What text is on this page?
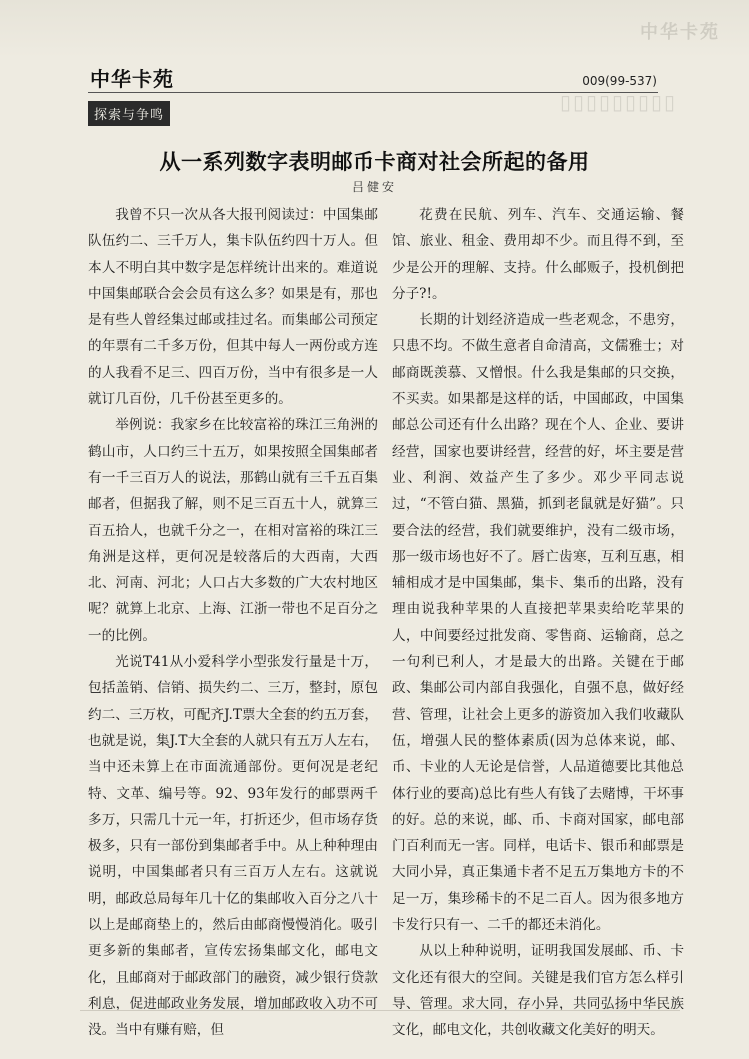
中华卡苑
▯▯▯▯▯▯▯▯▯
中华卡苑	009(99-537)
探索与争鸣
从一系列数字表明邮币卡商对社会所起的备用
吕健安

我曾不只一次从各大报刊阅读过：中国集邮队伍约二、三千万人，集卡队伍约四十万人。但本人不明白其中数字是怎样统计出来的。难道说中国集邮联合会会员有这么多？如果是有，那也是有些人曾经集过邮或挂过名。而集邮公司预定的年票有二千多万份，但其中每人一两份或方连的人我看不足三、四百万份，当中有很多是一人就订几百份，几千份甚至更多的。

举例说：我家乡在比较富裕的珠江三角洲的鹤山市，人口约三十五万，如果按照全国集邮者有一千三百万人的说法，那鹤山就有三千五百集邮者，但据我了解，则不足三百五十人，就算三百五拾人，也就千分之一，在相对富裕的珠江三角洲是这样，更何况是较落后的大西南，大西北、河南、河北；人口占大多数的广大农村地区呢？就算上北京、上海、江浙一带也不足百分之一的比例。

光说T41从小爱科学小型张发行量是十万，包括盖销、信销、损失约二、三万，整封，原包约二、三万枚，可配齐J.T票大全套的约五万套，也就是说，集J.T大全套的人就只有五万人左右，当中还未算上在市面流通部份。更何况是老纪特、文革、编号等。92、93年发行的邮票两千多万，只需几十元一年，打折还少，但市场存货极多，只有一部份到集邮者手中。从上种种理由说明，中国集邮者只有三百万人左右。这就说明，邮政总局每年几十亿的集邮收入百分之八十以上是邮商垫上的，然后由邮商慢慢消化。吸引更多新的集邮者，宣传宏扬集邮文化，邮电文化，且邮商对于邮政部门的融资，减少银行贷款利息，促进邮政业务发展，增加邮政收入功不可没。当中有赚有赔，但

花费在民航、列车、汽车、交通运输、餐馆、旅业、租金、费用却不少。而且得不到，至少是公开的理解、支持。什么邮贩子，投机倒把分子?!。

长期的计划经济造成一些老观念，不患穷，只患不均。不做生意者自命清高，文儒雅士；对邮商既羡慕、又憎恨。什么我是集邮的只交换，不买卖。如果都是这样的话，中国邮政，中国集邮总公司还有什么出路？现在个人、企业、要讲经营，国家也要讲经营，经营的好，坏主要是营业、利润、效益产生了多少。邓少平同志说过，“不管白猫、黑猫，抓到老鼠就是好猫”。只要合法的经营，我们就要维护，没有二级市场，那一级市场也好不了。唇亡齿寒，互利互惠，相辅相成才是中国集邮，集卡、集币的出路，没有理由说我种苹果的人直接把苹果卖给吃苹果的人，中间要经过批发商、零售商、运输商，总之一句利已利人，才是最大的出路。关键在于邮政、集邮公司内部自我强化，自强不息，做好经营、管理，让社会上更多的游资加入我们收藏队伍，增强人民的整体素质(因为总体来说，邮、币、卡业的人无论是信誉，人品道德要比其他总体行业的要高)总比有些人有钱了去赌博，干坏事的好。总的来说，邮、币、卡商对国家，邮电部门百利而无一害。同样，电话卡、银币和邮票是大同小异，真正集通卡者不足五万集地方卡的不足一万，集珍稀卡的不足二百人。因为很多地方卡发行只有一、二千的都还未消化。

从以上种种说明，证明我国发展邮、币、卡文化还有很大的空间。关键是我们官方怎么样引导、管理。求大同，存小异，共同弘扬中华民族文化，邮电文化，共创收藏文化美好的明天。
